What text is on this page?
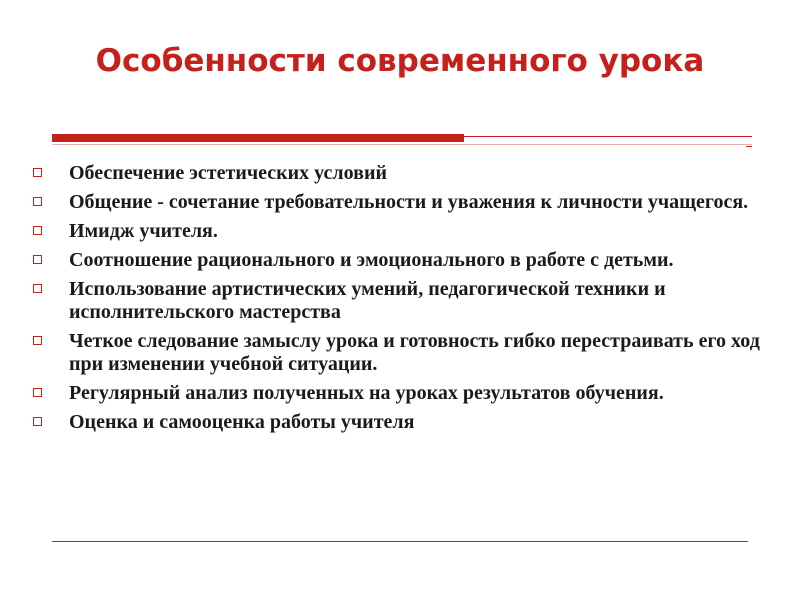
Особенности современного урока
Обеспечение эстетических условий
Общение - сочетание требовательности и уважения к личности учащегося.
Имидж учителя.
Соотношение рационального и эмоционального в работе с детьми.
Использование артистических умений, педагогической техники и исполнительского мастерства
Четкое следование замыслу урока и готовность гибко перестраивать его ход при изменении учебной ситуации.
Регулярный анализ полученных на уроках результатов обучения.
Оценка и самооценка работы учителя
